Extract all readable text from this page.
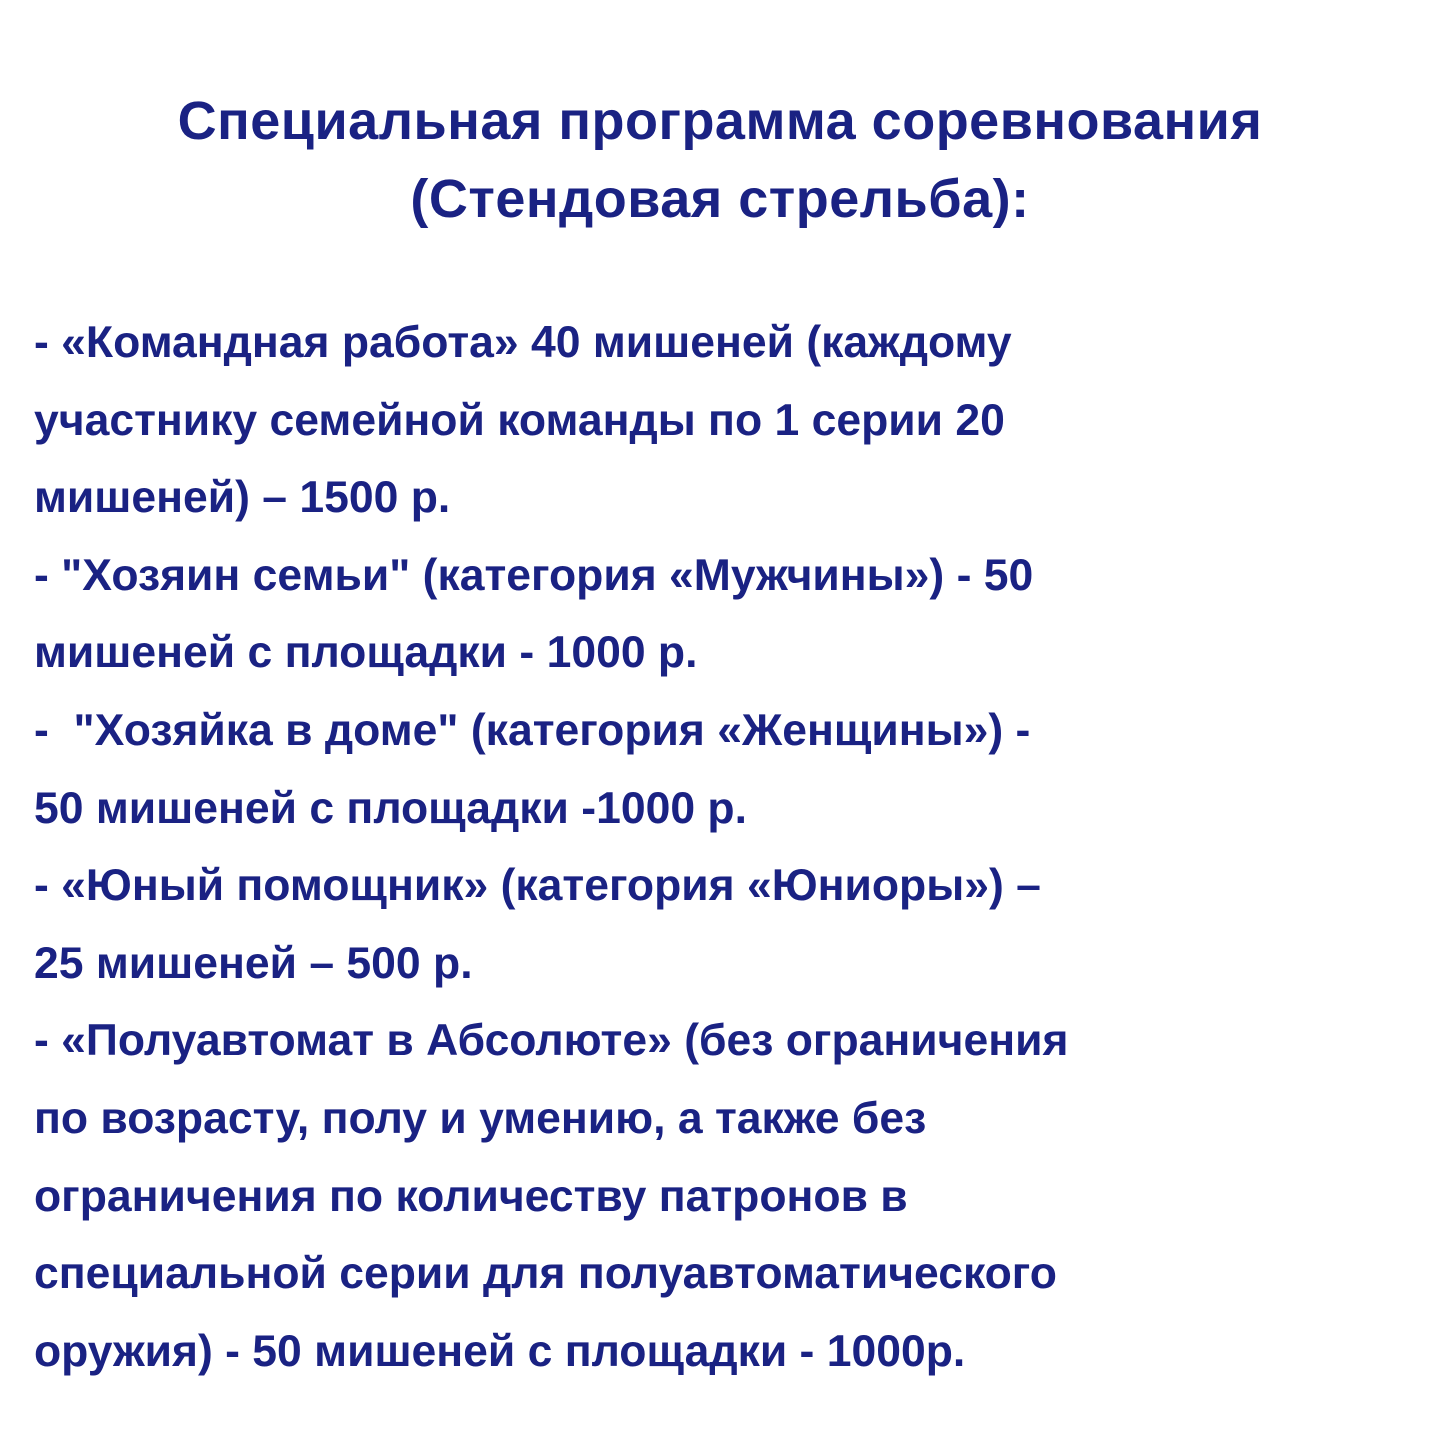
Специальная программа соревнования
(Стендовая стрельба):
- «Командная работа» 40 мишеней (каждому
участнику семейной команды по 1 серии 20
мишеней) – 1500 р.
- "Хозяин семьи" (категория «Мужчины») - 50
мишеней с площадки - 1000 р.
-  "Хозяйка в доме" (категория «Женщины») -
50 мишеней с площадки -1000 р.
- «Юный помощник» (категория «Юниоры») –
25 мишеней – 500 р.
- «Полуавтомат в Абсолюте» (без ограничения
по возрасту, полу и умению, а также без
ограничения по количеству патронов в
специальной серии для полуавтоматического
оружия) - 50 мишеней с площадки - 1000р.
